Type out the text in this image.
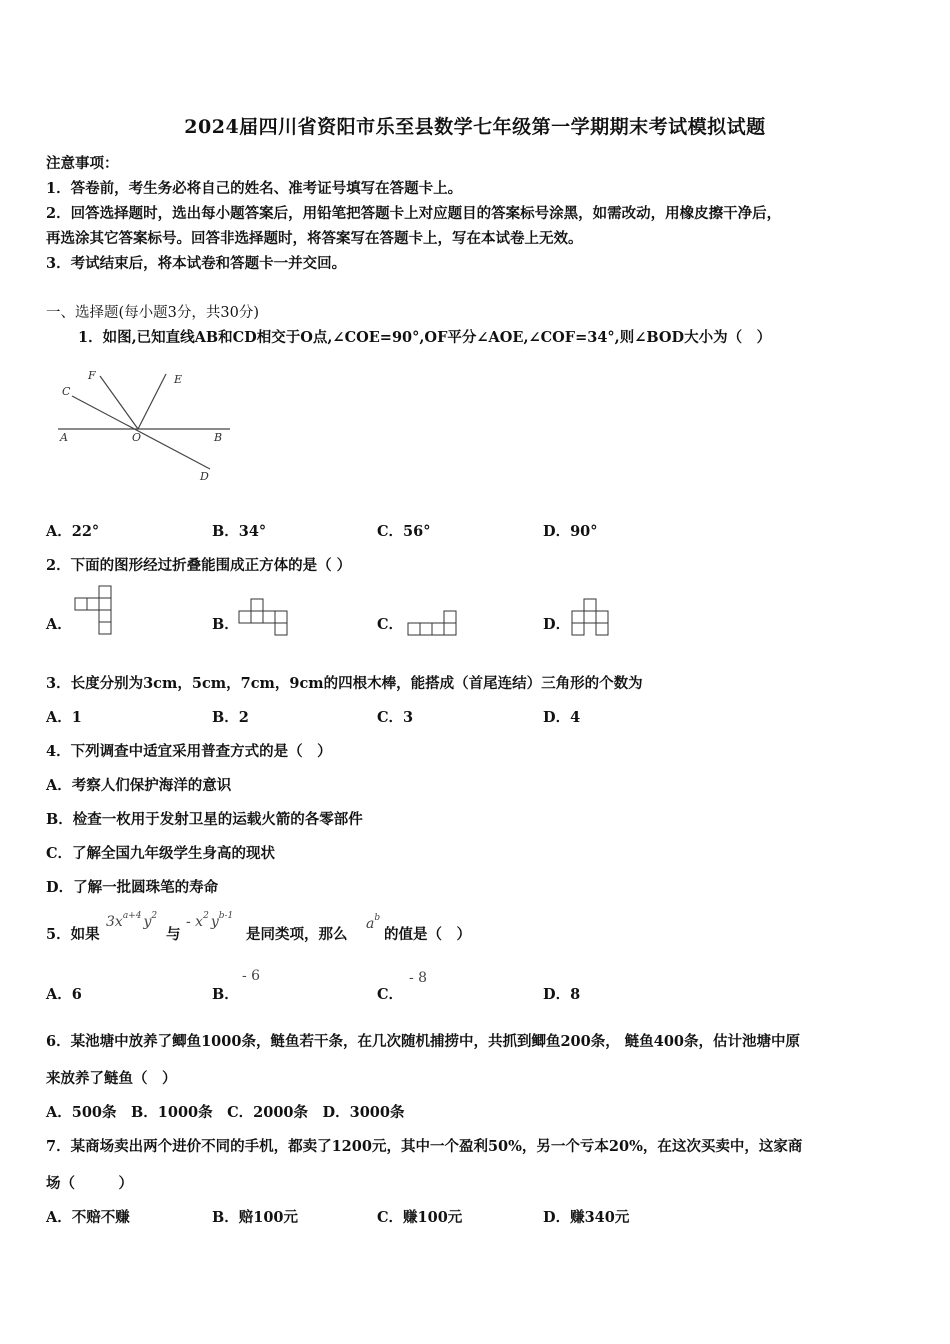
2024届四川省资阳市乐至县数学七年级第一学期期末考试模拟试题
注意事项：
1．答卷前，考生务必将自己的姓名、准考证号填写在答题卡上。
2．回答选择题时，选出每小题答案后，用铅笔把答题卡上对应题目的答案标号涂黑，如需改动，用橡皮擦干净后，
再选涂其它答案标号。回答非选择题时，将答案写在答题卡上，写在本试卷上无效。
3．考试结束后，将本试卷和答题卡一并交回。
一、选择题(每小题3分，共30分)
1．如图,已知直线AB和CD相交于O点,∠COE=90°,OF平分∠AOE,∠COF=34°,则∠BOD大小为（　）
C
F	E
A	O	B
D
A．22°	B．34°	C．56°	D．90°
2．下面的图形经过折叠能围成正方体的是（ ）
A．	B．	C．	D．
3．长度分别为3cm，5cm，7cm，9cm的四根木棒，能搭成（首尾连结）三角形的个数为
A．1	B．2	C．3	D．4
4．下列调查中适宜采用普查方式的是（　）
A．考察人们保护海洋的意识
B．检查一枚用于发射卫星的运载火箭的各零部件
C．了解全国九年级学生身高的现状
D．了解一批圆珠笔的寿命
5．如果
$3x^{a+4}$ $y^2$
与
- $x^2$ $y^{b-1}$
是同类项，那么
$a^b$
的值是（　）
A．6	B．
- 6
C．
- 8
D．8
6．某池塘中放养了鲫鱼1000条，鲢鱼若干条，在几次随机捕捞中，共抓到鲫鱼200条， 鲢鱼400条，估计池塘中原
来放养了鲢鱼（　）
A．500条　B．1000条　C．2000条　D．3000条
7．某商场卖出两个进价不同的手机，都卖了1200元，其中一个盈利50%，另一个亏本20%，在这次买卖中，这家商
场（　　　）
A．不赔不赚	B．赔100元	C．赚100元	D．赚340元
